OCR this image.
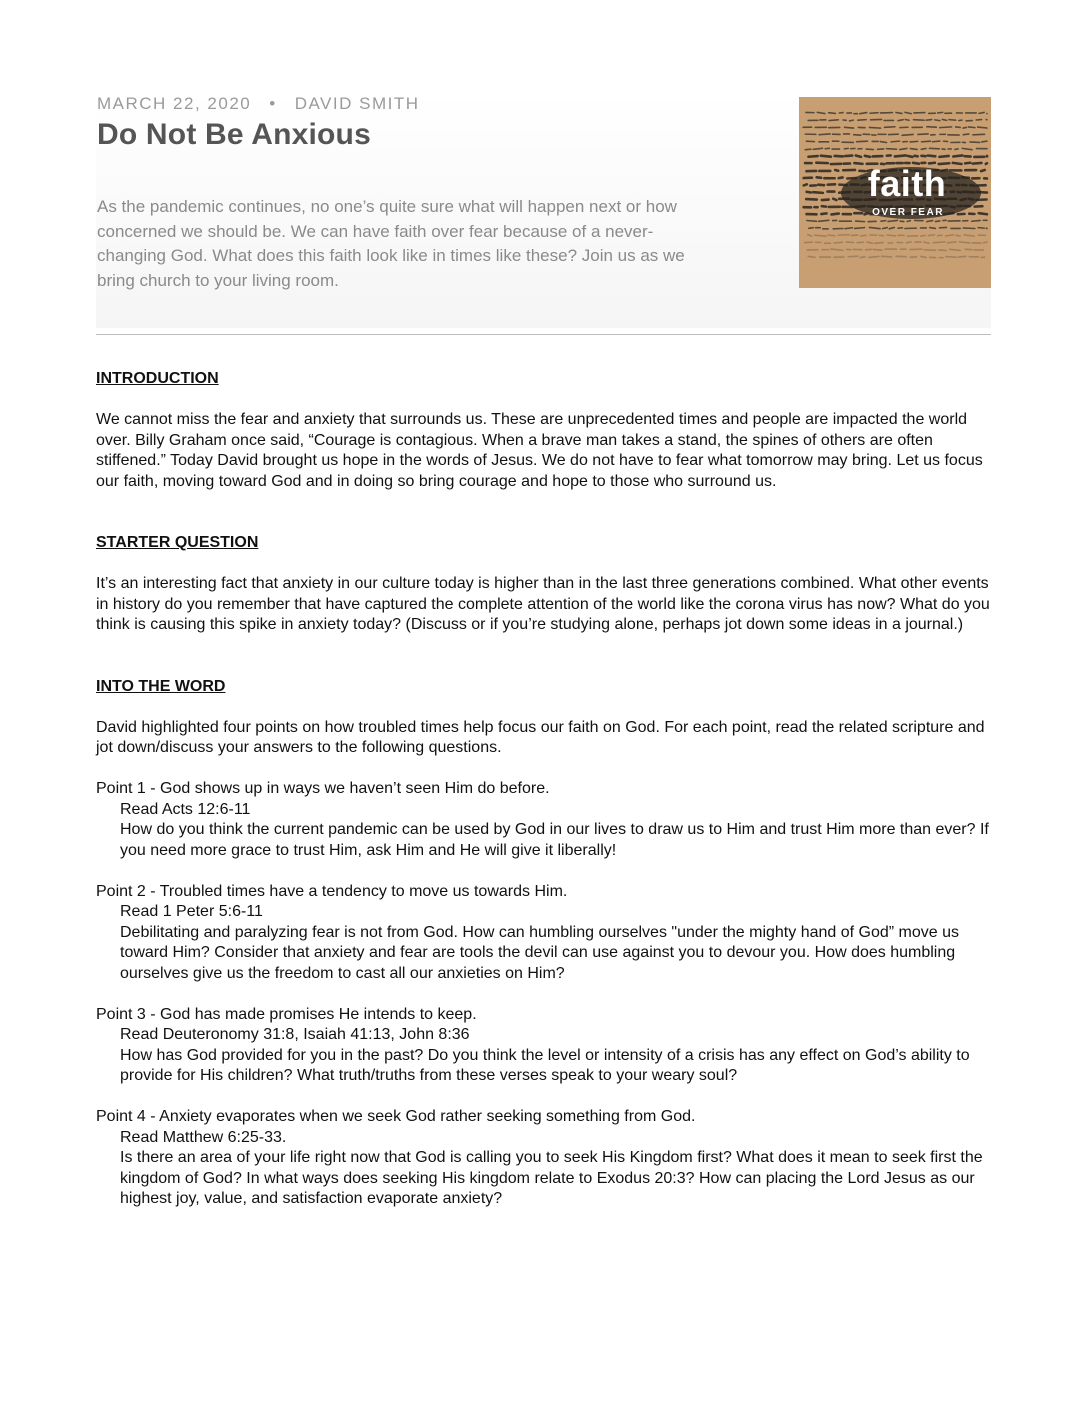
MARCH 22, 2020 • DAVID SMITH
Do Not Be Anxious

As the pandemic continues, no one’s quite sure what will happen next or how concerned we should be. We can have faith over fear because of a never-changing God. What does this faith look like in times like these? Join us as we bring church to your living room.

faith
OVER FEAR
INTRODUCTION

We cannot miss the fear and anxiety that surrounds us. These are unprecedented times and people are impacted the world over. Billy Graham once said, “Courage is contagious. When a brave man takes a stand, the spines of others are often stiffened.” Today David brought us hope in the words of Jesus. We do not have to fear what tomorrow may bring. Let us focus our faith, moving toward God and in doing so bring courage and hope to those who surround us.

STARTER QUESTION

It’s an interesting fact that anxiety in our culture today is higher than in the last three generations combined. What other events in history do you remember that have captured the complete attention of the world like the corona virus has now? What do you think is causing this spike in anxiety today? (Discuss or if you’re studying alone, perhaps jot down some ideas in a journal.)

INTO THE WORD

David highlighted four points on how troubled times help focus our faith on God. For each point, read the related scripture and jot down/discuss your answers to the following questions.

Point 1 - God shows up in ways we haven’t seen Him do before.

Read Acts 12:6-11

How do you think the current pandemic can be used by God in our lives to draw us to Him and trust Him more than ever? If you need more grace to trust Him, ask Him and He will give it liberally!

Point 2 - Troubled times have a tendency to move us towards Him.

Read 1 Peter 5:6-11

Debilitating and paralyzing fear is not from God. How can humbling ourselves "under the mighty hand of God” move us toward Him? Consider that anxiety and fear are tools the devil can use against you to devour you. How does humbling ourselves give us the freedom to cast all our anxieties on Him?

Point 3 - God has made promises He intends to keep.

Read Deuteronomy 31:8, Isaiah 41:13, John 8:36

How has God provided for you in the past? Do you think the level or intensity of a crisis has any effect on God’s ability to provide for His children? What truth/truths from these verses speak to your weary soul?

Point 4 - Anxiety evaporates when we seek God rather seeking something from God.

Read Matthew 6:25-33.

Is there an area of your life right now that God is calling you to seek His Kingdom first? What does it mean to seek first the kingdom of God? In what ways does seeking His kingdom relate to Exodus 20:3? How can placing the Lord Jesus as our highest joy, value, and satisfaction evaporate anxiety?
